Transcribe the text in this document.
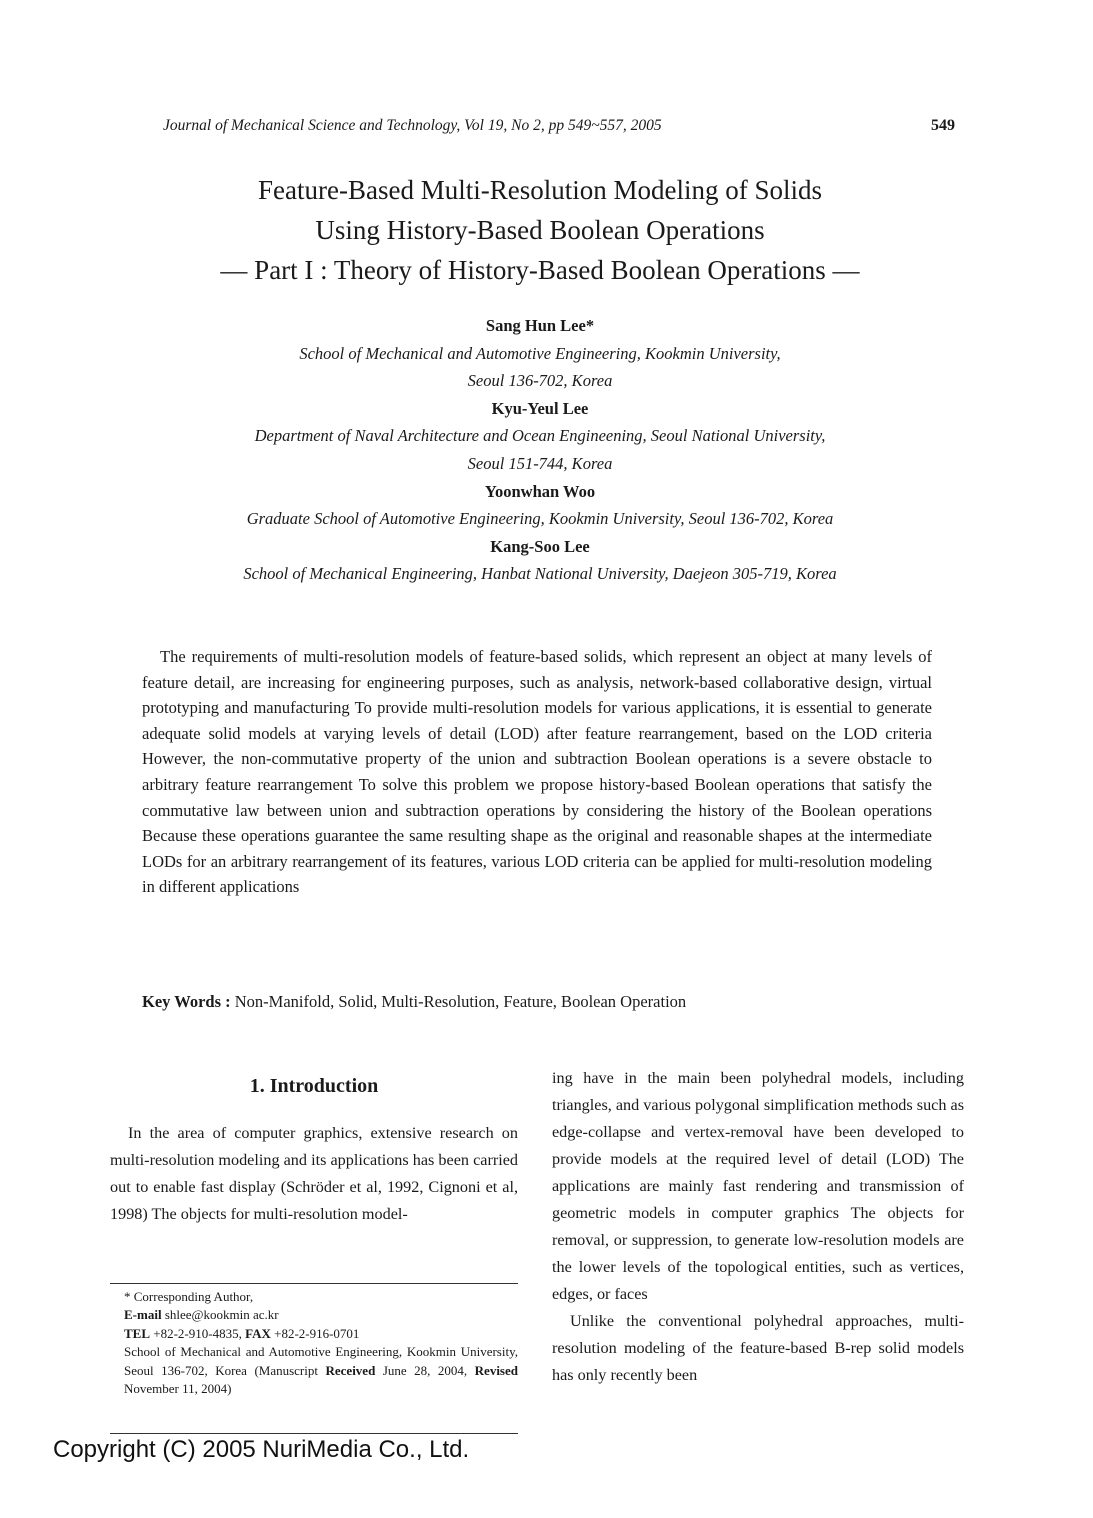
Journal of Mechanical Science and Technology, Vol 19, No 2, pp 549~557, 2005	549
Feature-Based Multi-Resolution Modeling of Solids
Using History-Based Boolean Operations
— Part I : Theory of History-Based Boolean Operations —
Sang Hun Lee*
School of Mechanical and Automotive Engineering, Kookmin University,
Seoul 136-702, Korea
Kyu-Yeul Lee
Department of Naval Architecture and Ocean Engineening, Seoul National University,
Seoul 151-744, Korea
Yoonwhan Woo
Graduate School of Automotive Engineering, Kookmin University, Seoul 136-702, Korea
Kang-Soo Lee
School of Mechanical Engineering, Hanbat National University, Daejeon 305-719, Korea
The requirements of multi-resolution models of feature-based solids, which represent an object at many levels of feature detail, are increasing for engineering purposes, such as analysis, network-based collaborative design, virtual prototyping and manufacturing To provide multi-resolution models for various applications, it is essential to generate adequate solid models at varying levels of detail (LOD) after feature rearrangement, based on the LOD criteria However, the non-commutative property of the union and subtraction Boolean operations is a severe obstacle to arbitrary feature rearrangement To solve this problem we propose history-based Boolean operations that satisfy the commutative law between union and subtraction operations by considering the history of the Boolean operations Because these operations guarantee the same resulting shape as the original and reasonable shapes at the intermediate LODs for an arbitrary rearrangement of its features, various LOD criteria can be applied for multi-resolution modeling in different applications
Key Words : Non-Manifold, Solid, Multi-Resolution, Feature, Boolean Operation
1. Introduction
In the area of computer graphics, extensive research on multi-resolution modeling and its applications has been carried out to enable fast display (Schröder et al, 1992, Cignoni et al, 1998) The objects for multi-resolution model-
* Corresponding Author,
E-mail shlee@kookmin ac.kr
TEL +82-2-910-4835, FAX +82-2-916-0701
School of Mechanical and Automotive Engineering, Kookmin University, Seoul 136-702, Korea (Manuscript Received June 28, 2004, Revised November 11, 2004)
ing have in the main been polyhedral models, including triangles, and various polygonal simplification methods such as edge-collapse and vertex-removal have been developed to provide models at the required level of detail (LOD) The applications are mainly fast rendering and transmission of geometric models in computer graphics The objects for removal, or suppression, to generate low-resolution models are the lower levels of the topological entities, such as vertices, edges, or faces
Unlike the conventional polyhedral approaches, multi-resolution modeling of the feature-based B-rep solid models has only recently been
Copyright (C) 2005 NuriMedia Co., Ltd.
